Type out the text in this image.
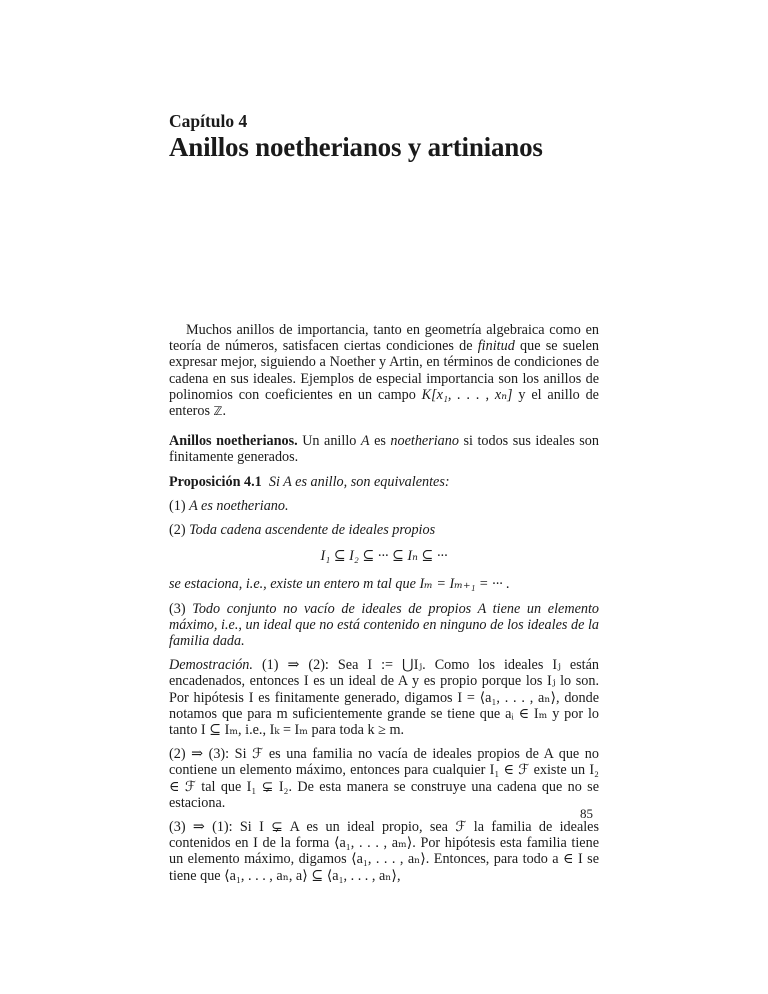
Capítulo 4
Anillos noetherianos y artinianos

Muchos anillos de importancia, tanto en geometría algebraica como en teoría de números, satisfacen ciertas condiciones de finitud que se suelen expresar mejor, siguiendo a Noether y Artin, en términos de condiciones de cadena en sus ideales. Ejemplos de especial importancia son los anillos de polinomios con coeficientes en un campo K[x₁, . . . , xₙ] y el anillo de enteros ℤ.

Anillos noetherianos. Un anillo A es noetheriano si todos sus ideales son finitamente generados.

Proposición 4.1 Si A es anillo, son equivalentes:

(1) A es noetheriano.

(2) Toda cadena ascendente de ideales propios

I₁ ⊆ I₂ ⊆ ··· ⊆ Iₙ ⊆ ···

se estaciona, i.e., existe un entero m tal que Iₘ = Iₘ₊₁ = ··· .

(3) Todo conjunto no vacío de ideales de propios A tiene un elemento máximo, i.e., un ideal que no está contenido en ninguno de los ideales de la familia dada.

Demostración. (1) ⇒ (2): Sea I := ⋃Iⱼ. Como los ideales Iⱼ están encadenados, entonces I es un ideal de A y es propio porque los Iⱼ lo son. Por hipótesis I es finitamente generado, digamos I = ⟨a₁, . . . , aₙ⟩, donde notamos que para m suficientemente grande se tiene que aᵢ ∈ Iₘ y por lo tanto I ⊆ Iₘ, i.e., Iₖ = Iₘ para toda k ≥ m.

(2) ⇒ (3): Si ℱ es una familia no vacía de ideales propios de A que no contiene un elemento máximo, entonces para cualquier I₁ ∈ ℱ existe un I₂ ∈ ℱ tal que I₁ ⊊ I₂. De esta manera se construye una cadena que no se estaciona.

(3) ⇒ (1): Si I ⊊ A es un ideal propio, sea ℱ la familia de ideales contenidos en I de la forma ⟨a₁, . . . , aₘ⟩. Por hipótesis esta familia tiene un elemento máximo, digamos ⟨a₁, . . . , aₙ⟩. Entonces, para todo a ∈ I se tiene que ⟨a₁, . . . , aₙ, a⟩ ⊆ ⟨a₁, . . . , aₙ⟩,

85
